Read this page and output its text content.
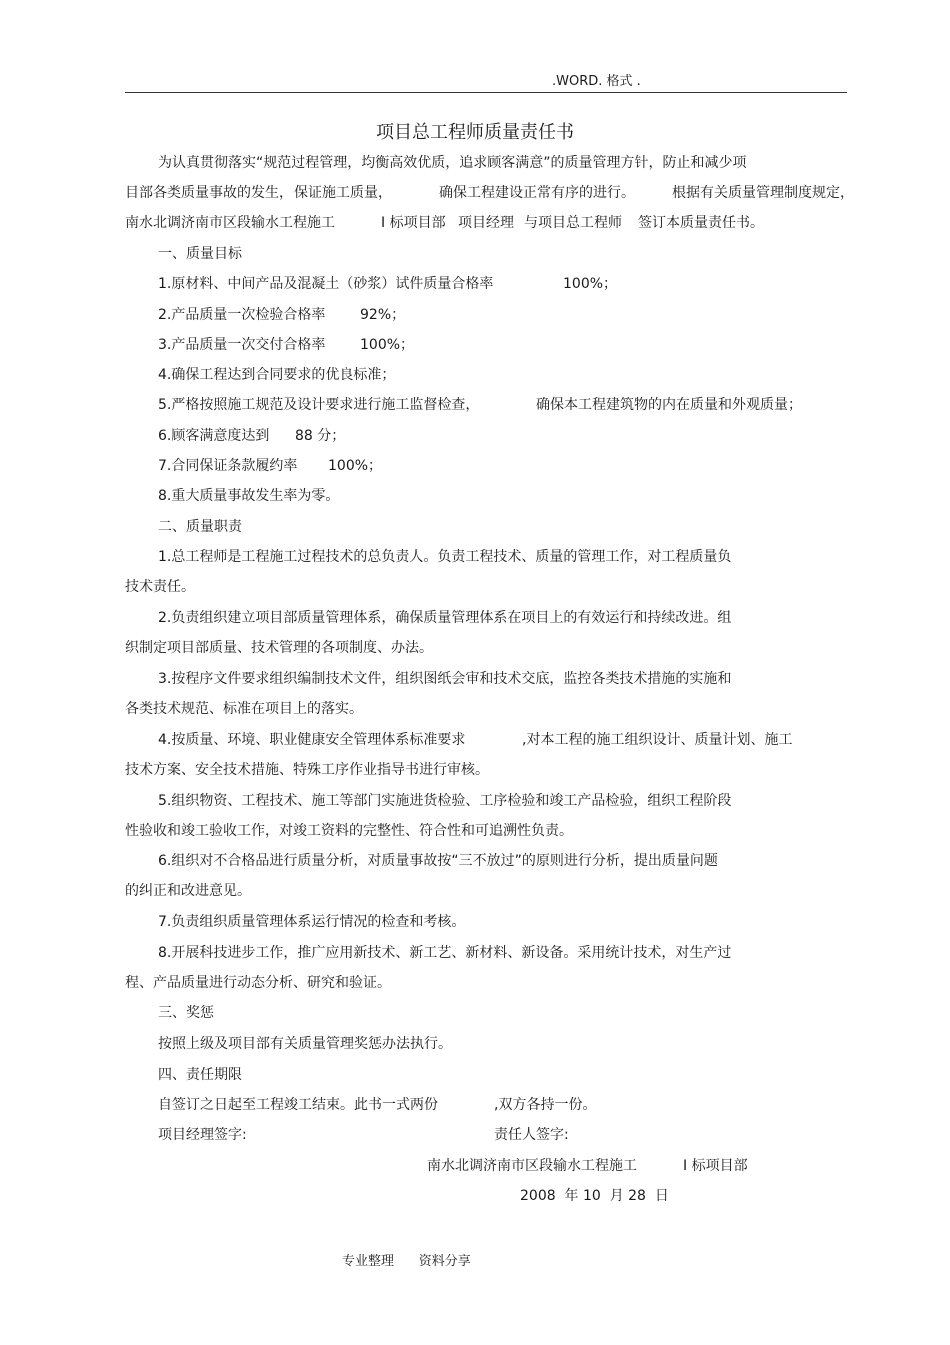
.WORD. 格式 .
项目总工程师质量责任书
为认真贯彻落实“规范过程管理，均衡高效优质，追求顾客满意”的质量管理方针，防止和减少项
目部各类质量事故的发生， 保证施工质量，	确保工程建设正常有序的进行。	根据有关质量管理制度规定，
南水北调济南市区段输水工程施工	I 标项目部 项目经理 与项目总工程师 签订本质量责任书。
一、质量目标
1.原材料、中间产品及混凝土（砂浆）试件质量合格率	100%；
2.产品质量一次检验合格率 92%；
3.产品质量一次交付合格率 100%；
4.确保工程达到合同要求的优良标准；
5.严格按照施工规范及设计要求进行施工监督检查，	确保本工程建筑物的内在质量和外观质量；
6.顾客满意度达到 88 分；
7.合同保证条款履约率 100%；
8.重大质量事故发生率为零。
二、质量职责
1.总工程师是工程施工过程技术的总负责人。负责工程技术、质量的管理工作，对工程质量负
技术责任。
2.负责组织建立项目部质量管理体系，确保质量管理体系在项目上的有效运行和持续改进。组
织制定项目部质量、技术管理的各项制度、办法。
3.按程序文件要求组织编制技术文件，组织图纸会审和技术交底，监控各类技术措施的实施和
各类技术规范、标准在项目上的落实。
4.按质量、环境、职业健康安全管理体系标准要求	,对本工程的施工组织设计、质量计划、施工
技术方案、安全技术措施、特殊工序作业指导书进行审核。
5.组织物资、工程技术、施工等部门实施进货检验、工序检验和竣工产品检验，组织工程阶段
性验收和竣工验收工作，对竣工资料的完整性、符合性和可追溯性负责。
6.组织对不合格品进行质量分析，对质量事故按“三不放过”的原则进行分析，提出质量问题
的纠正和改进意见。
7.负责组织质量管理体系运行情况的检查和考核。
8.开展科技进步工作，推广应用新技术、新工艺、新材料、新设备。采用统计技术，对生产过
程、产品质量进行动态分析、研究和验证。
三、奖惩
按照上级及项目部有关质量管理奖惩办法执行。
四、责任期限
自签订之日起至工程竣工结束。此书一式两份	,双方各持一份。
项目经理签字:	责任人签字:
南水北调济南市区段输水工程施工	I 标项目部
2008  年 10  月 28  日
专业整理      资料分享
